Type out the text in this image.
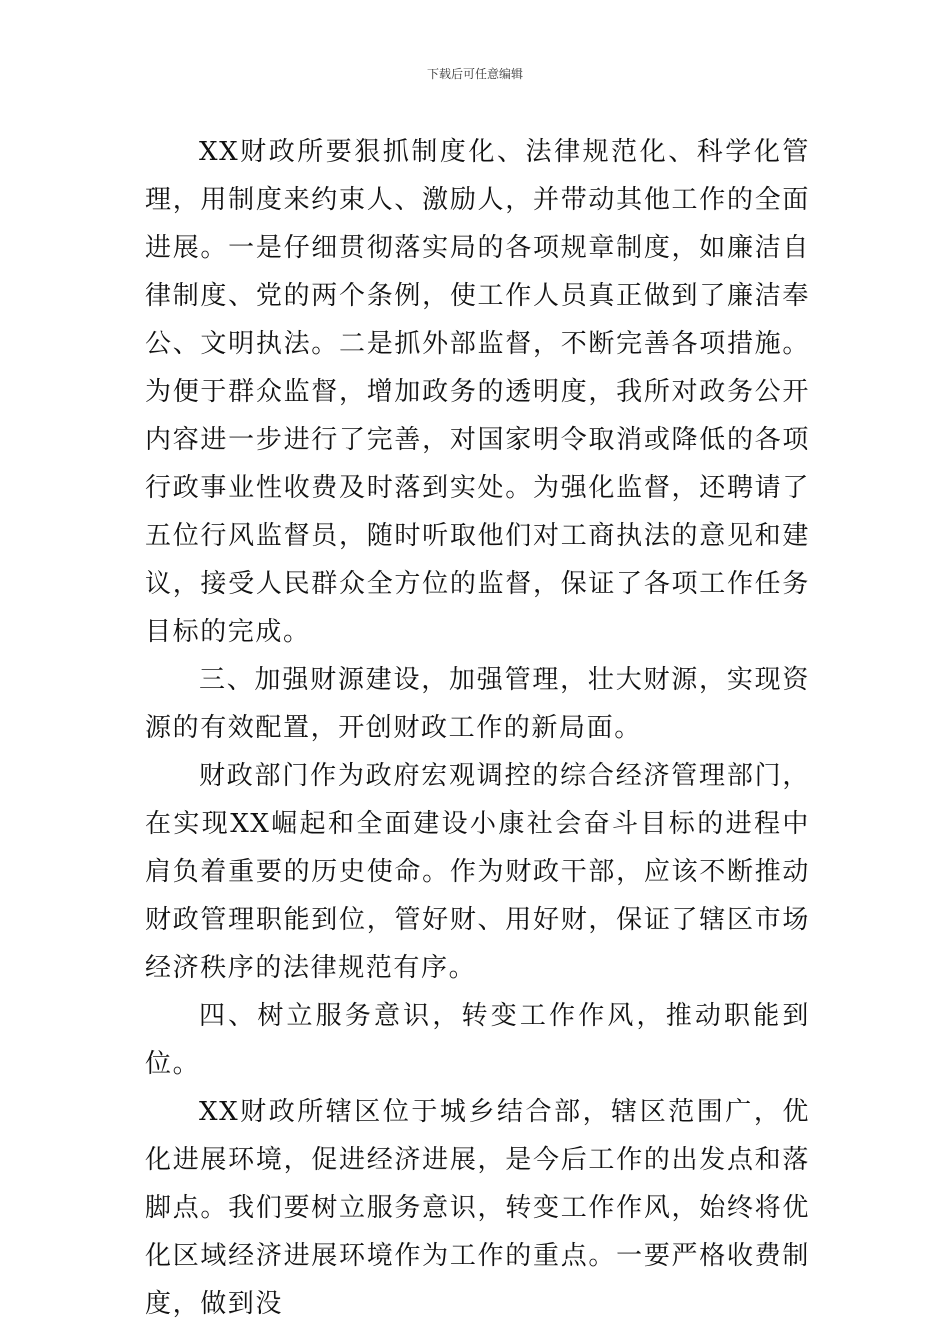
下载后可任意编辑

XX财政所要狠抓制度化、法律规范化、科学化管理，用制度来约束人、激励人，并带动其他工作的全面进展。一是仔细贯彻落实局的各项规章制度，如廉洁自律制度、党的两个条例，使工作人员真正做到了廉洁奉公、文明执法。二是抓外部监督，不断完善各项措施。为便于群众监督，增加政务的透明度，我所对政务公开内容进一步进行了完善，对国家明令取消或降低的各项行政事业性收费及时落到实处。为强化监督，还聘请了五位行风监督员，随时听取他们对工商执法的意见和建议，接受人民群众全方位的监督，保证了各项工作任务目标的完成。

三、加强财源建设，加强管理，壮大财源，实现资源的有效配置，开创财政工作的新局面。

财政部门作为政府宏观调控的综合经济管理部门，在实现XX崛起和全面建设小康社会奋斗目标的进程中肩负着重要的历史使命。作为财政干部，应该不断推动财政管理职能到位，管好财、用好财，保证了辖区市场经济秩序的法律规范有序。

四、树立服务意识，转变工作作风，推动职能到位。

XX财政所辖区位于城乡结合部，辖区范围广，优化进展环境，促进经济进展，是今后工作的出发点和落脚点。我们要树立服务意识，转变工作作风，始终将优化区域经济进展环境作为工作的重点。一要严格收费制度，做到没
